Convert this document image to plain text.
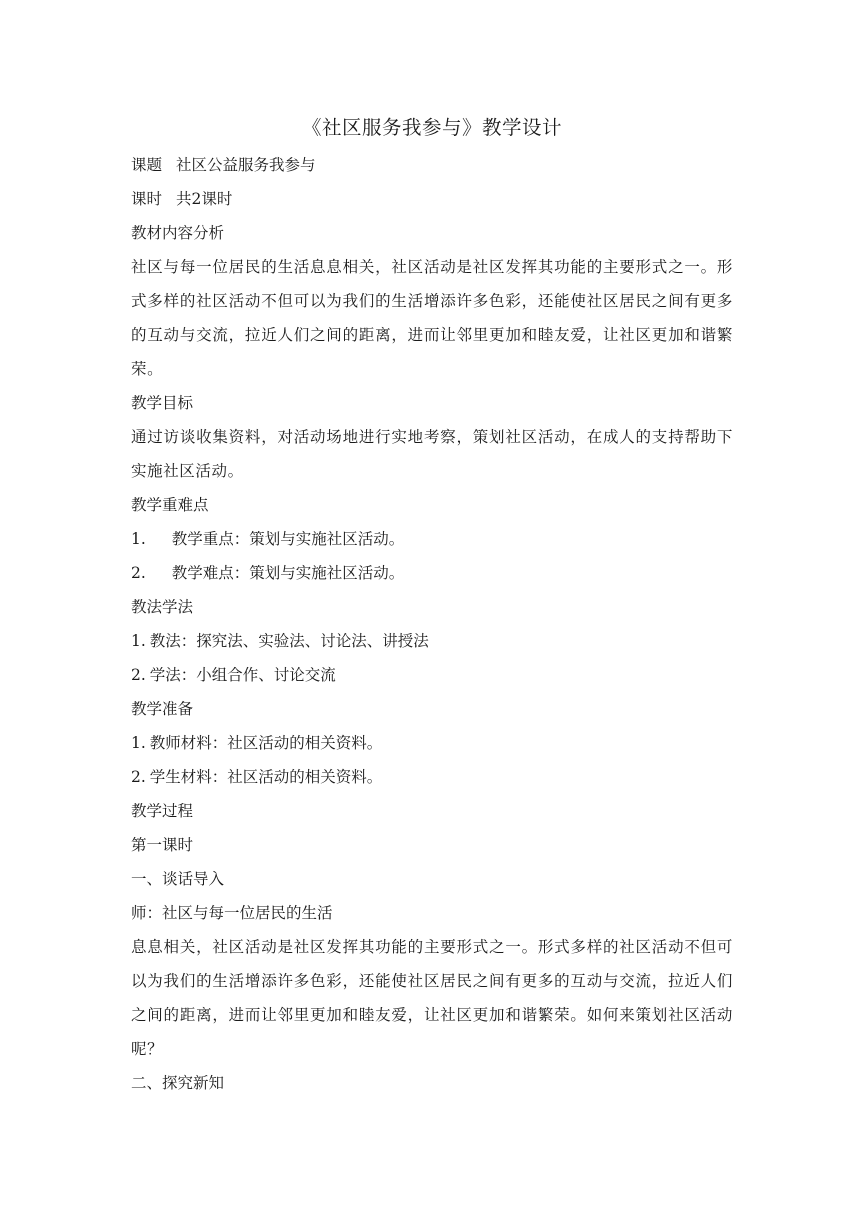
《社区服务我参与》教学设计

课题 社区公益服务我参与

课时 共2课时

教材内容分析

社区与每一位居民的生活息息相关，社区活动是社区发挥其功能的主要形式之一。形式多样的社区活动不但可以为我们的生活增添许多色彩，还能使社区居民之间有更多的互动与交流，拉近人们之间的距离，进而让邻里更加和睦友爱，让社区更加和谐繁荣。

教学目标

通过访谈收集资料，对活动场地进行实地考察，策划社区活动，在成人的支持帮助下实施社区活动。

教学重难点

1. 教学重点：策划与实施社区活动。

2. 教学难点：策划与实施社区活动。

教法学法

1. 教法：探究法、实验法、讨论法、讲授法

2. 学法：小组合作、讨论交流

教学准备

1. 教师材料：社区活动的相关资料。

2. 学生材料：社区活动的相关资料。

教学过程

第一课时

一、谈话导入

师：社区与每一位居民的生活

息息相关，社区活动是社区发挥其功能的主要形式之一。形式多样的社区活动不但可以为我们的生活增添许多色彩，还能使社区居民之间有更多的互动与交流，拉近人们之间的距离，进而让邻里更加和睦友爱，让社区更加和谐繁荣。如何来策划社区活动呢？

二、探究新知
